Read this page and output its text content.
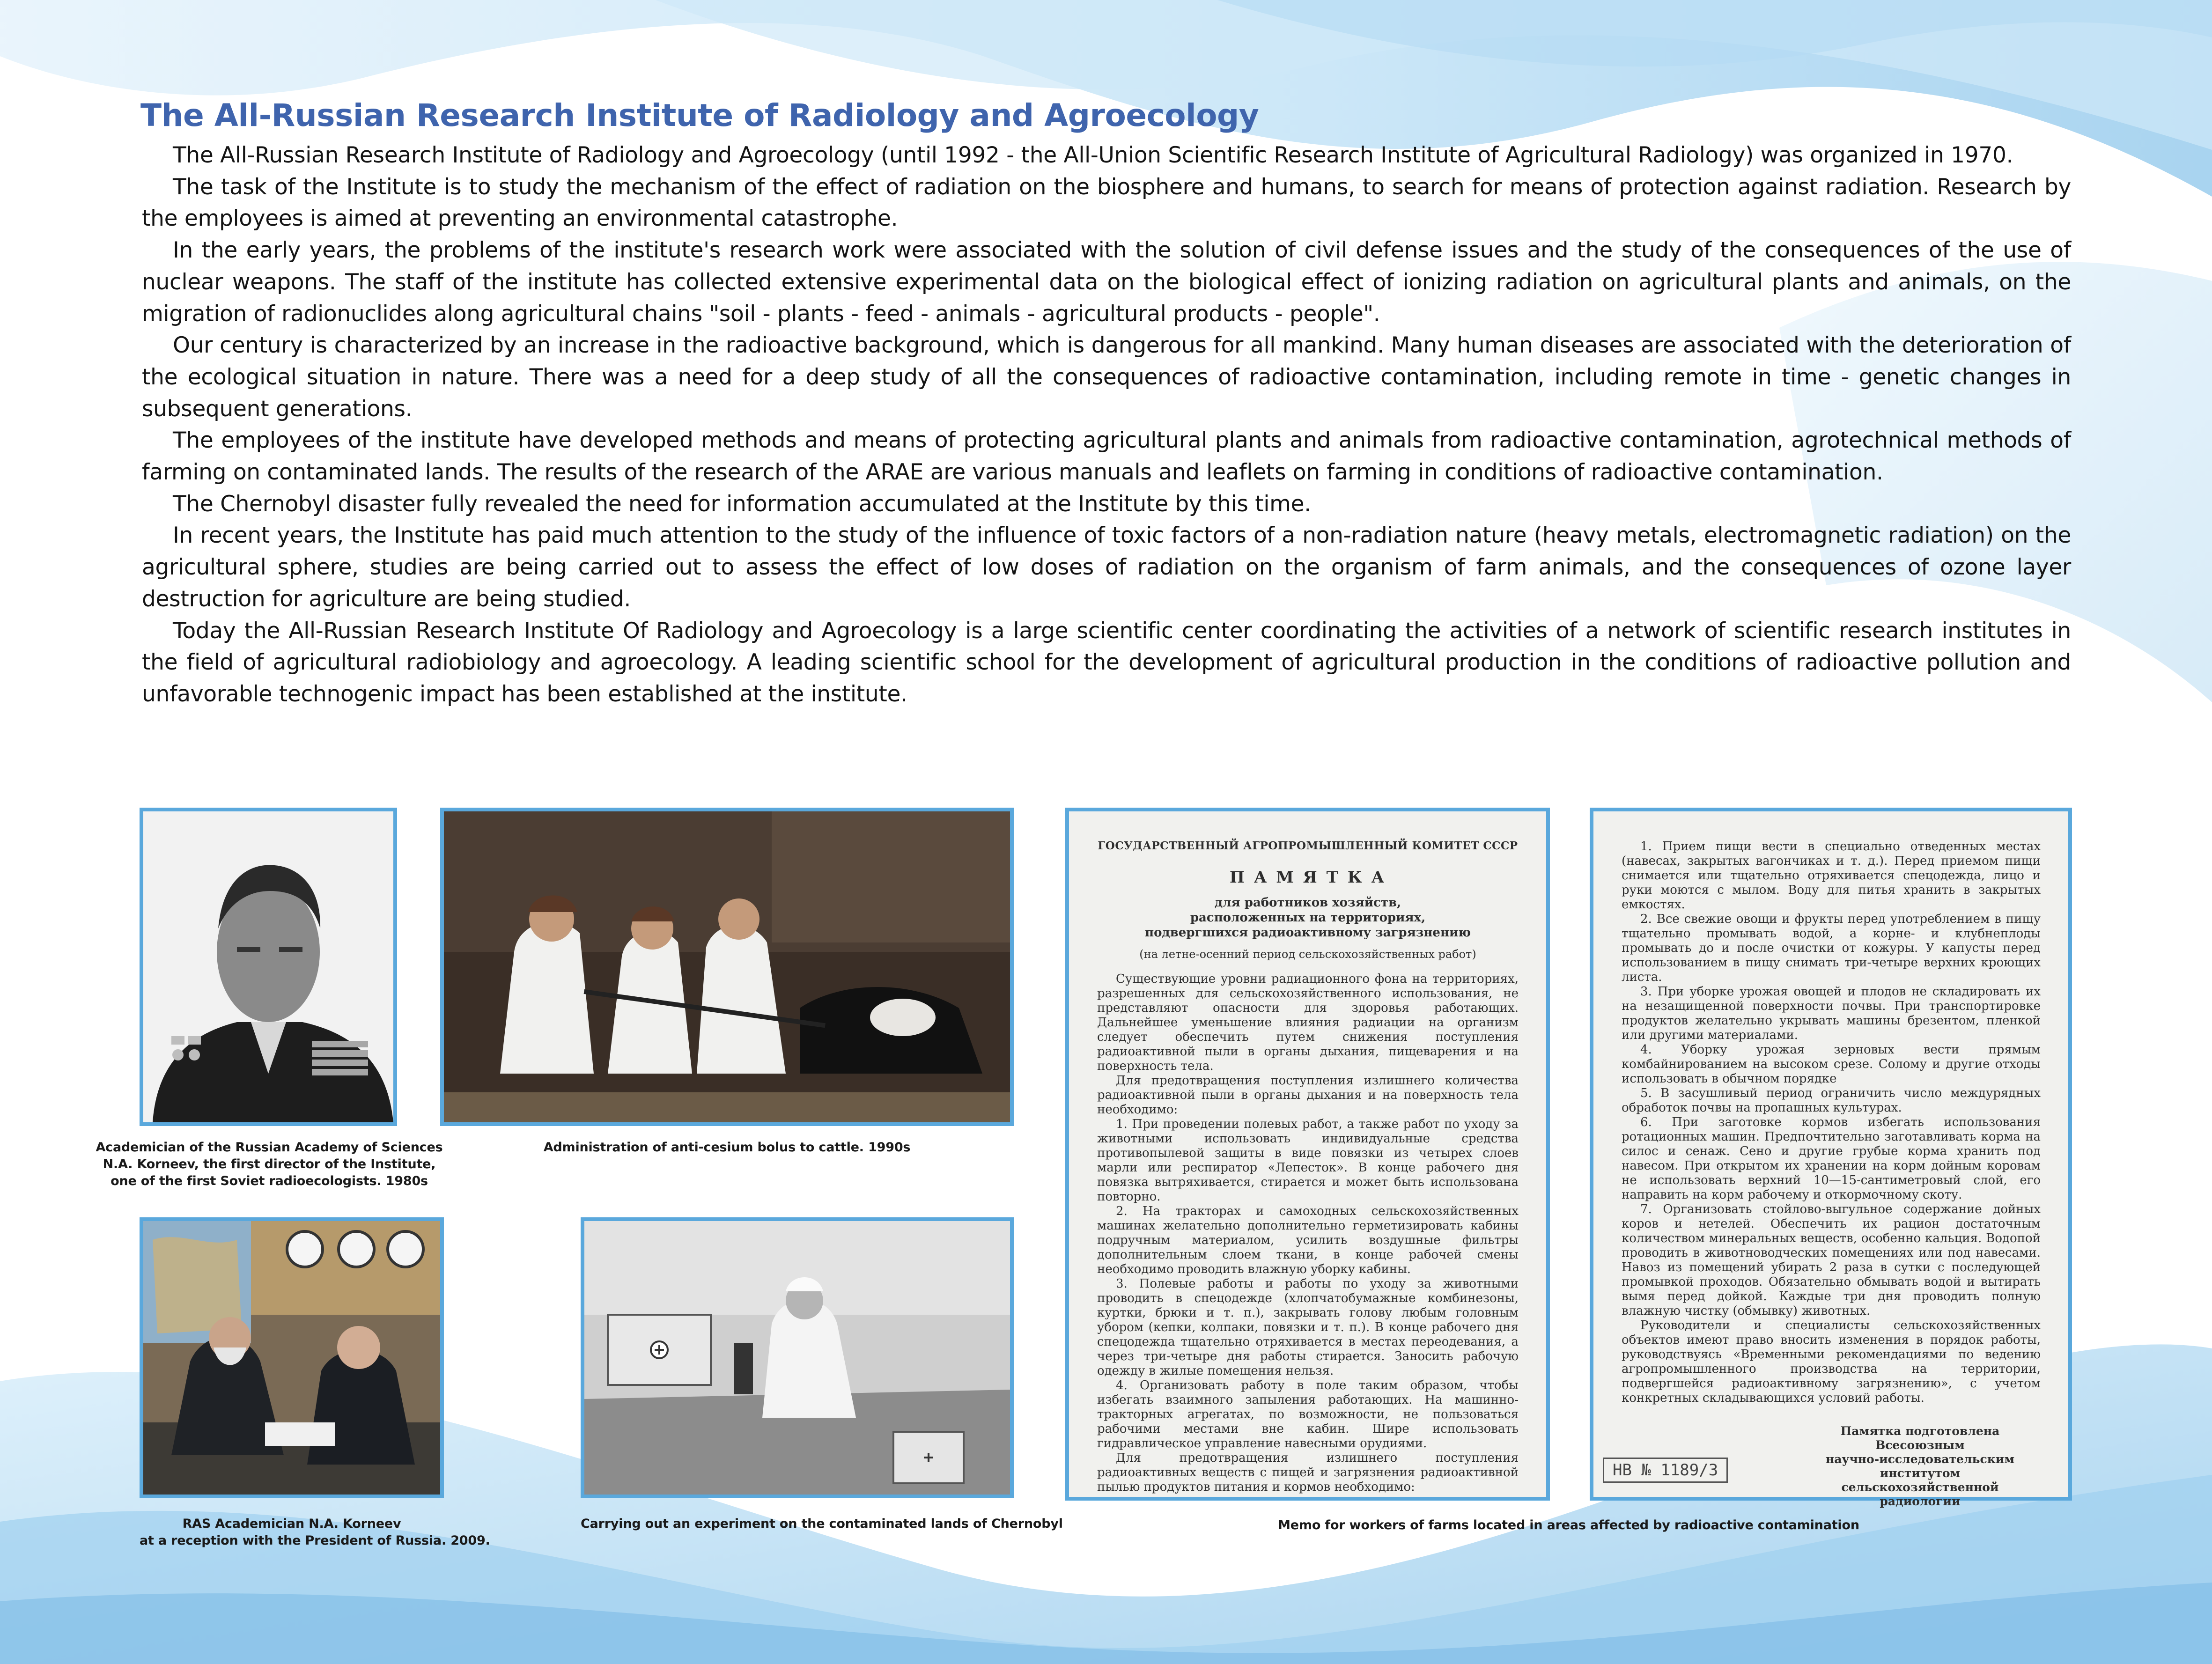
The All-Russian Research Institute of Radiology and Agroecology

The All-Russian Research Institute of Radiology and Agroecology (until 1992 - the All-Union Scientific Research Institute of Agricultural Radiology) was organized in 1970.

The task of the Institute is to study the mechanism of the effect of radiation on the biosphere and humans, to search for means of protection against radiation. Research by the employees is aimed at preventing an environmental catastrophe.

In the early years, the problems of the institute's research work were associated with the solution of civil defense issues and the study of the consequences of the use of nuclear weapons. The staff of the institute has collected extensive experimental data on the biological effect of ionizing radiation on agricultural plants and animals, on the migration of radionuclides along agricultural chains "soil - plants - feed - animals - agricultural products - people".

Our century is characterized by an increase in the radioactive background, which is dangerous for all mankind. Many human diseases are associated with the deterioration of the ecological situation in nature. There was a need for a deep study of all the consequences of radioactive contamination, including remote in time - genetic changes in subsequent generations.

The employees of the institute have developed methods and means of protecting agricultural plants and animals from radioactive contamination, agrotechnical methods of farming on contaminated lands. The results of the research of the ARAE are various manuals and leaflets on farming in conditions of radioactive contamination.

The Chernobyl disaster fully revealed the need for information accumulated at the Institute by this time.

In recent years, the Institute has paid much attention to the study of the influence of toxic factors of a non-radiation nature (heavy metals, electromagnetic radiation) on the agricultural sphere, studies are being carried out to assess the effect of low doses of radiation on the organism of farm animals, and the consequences of ozone layer destruction for agriculture are being studied.

Today the All-Russian Research Institute Of Radiology and Agroecology is a large scientific center coordinating the activities of a network of scientific research institutes in the field of agricultural radiobiology and agroecology. A leading scientific school for the development of agricultural production in the conditions of radioactive pollution and unfavorable technogenic impact has been established at the institute.

Academician of the Russian Academy of Sciences
N.A. Korneev, the first director of the Institute,
one of the first Soviet radioecologists. 1980s
Administration of anti-cesium bolus to cattle. 1990s
RAS Academician N.A. Korneev
at a reception with the President of Russia. 2009.
Carrying out an experiment on the contaminated lands of Chernobyl
ГОСУДАРСТВЕННЫЙ АГРОПРОМЫШЛЕННЫЙ КОМИТЕТ СССР
П А М Я Т К А
для работников хозяйств,
расположенных на территориях,
подвергшихся радиоактивному загрязнению
(на летне-осенний период сельскохозяйственных работ)

Существующие уровни радиационного фона на территориях, разрешенных для сельскохозяйственного использования, не представляют опасности для здоровья работающих. Дальнейшее уменьшение влияния радиации на организм следует обеспечить путем снижения поступления радиоактивной пыли в органы дыхания, пищеварения и на поверхность тела.

Для предотвращения поступления излишнего количества радиоактивной пыли в органы дыхания и на поверхность тела необходимо:

1. При проведении полевых работ, а также работ по уходу за животными использовать индивидуальные средства противопылевой защиты в виде повязки из четырех слоев марли или респиратор «Лепесток». В конце рабочего дня повязка вытряхивается, стирается и может быть использована повторно.

2. На тракторах и самоходных сельскохозяйственных машинах желательно дополнительно герметизировать кабины подручным материалом, усилить воздушные фильтры дополнительным слоем ткани, в конце рабочей смены необходимо проводить влажную уборку кабины.

3. Полевые работы и работы по уходу за животными проводить в спецодежде (хлопчатобумажные комбинезоны, куртки, брюки и т. п.), закрывать голову любым головным убором (кепки, колпаки, повязки и т. п.). В конце рабочего дня спецодежда тщательно отряхивается в местах переодевания, а через три-четыре дня работы стирается. Заносить рабочую одежду в жилые помещения нельзя.

4. Организовать работу в поле таким образом, чтобы избегать взаимного запыления работающих. На машинно-тракторных агрегатах, по возможности, не пользоваться рабочими местами вне кабин. Шире использовать гидравлическое управление навесными орудиями.

Для предотвращения излишнего поступления радиоактивных веществ с пищей и загрязнения радиоактивной пылью продуктов питания и кормов необходимо:

1. Прием пищи вести в специально отведенных местах (навесах, закрытых вагончиках и т. д.). Перед приемом пищи снимается или тщательно отряхивается спецодежда, лицо и руки моются с мылом. Воду для питья хранить в закрытых емкостях.

2. Все свежие овощи и фрукты перед употреблением в пищу тщательно промывать водой, а корне- и клубнеплоды промывать до и после очистки от кожуры. У капусты перед использованием в пищу снимать три-четыре верхних кроющих листа.

3. При уборке урожая овощей и плодов не складировать их на незащищенной поверхности почвы. При транспортировке продуктов желательно укрывать машины брезентом, пленкой или другими материалами.

4. Уборку урожая зерновых вести прямым комбайнированием на высоком срезе. Солому и другие отходы использовать в обычном порядке

5. В засушливый период ограничить число междурядных обработок почвы на пропашных культурах.

6. При заготовке кормов избегать использования ротационных машин. Предпочтительно заготавливать корма на силос и сенаж. Сено и другие грубые корма хранить под навесом. При открытом их хранении на корм дойным коровам не использовать верхний 10—15-сантиметровый слой, его направить на корм рабочему и откормочному скоту.

7. Организовать стойлово-выгульное содержание дойных коров и нетелей. Обеспечить их рацион достаточным количеством минеральных веществ, особенно кальция. Водопой проводить в животноводческих помещениях или под навесами. Навоз из помещений убирать 2 раза в сутки с последующей промывкой проходов. Обязательно обмывать водой и вытирать вымя перед дойкой. Каждые три дня проводить полную влажную чистку (обмывку) животных.

Руководители и специалисты сельскохозяйственных объектов имеют право вносить изменения в порядок работы, руководствуясь «Временными рекомендациями по ведению агропромышленного производства на территории, подвергшейся радиоактивному загрязнению», с учетом конкретных складывающихся условий работы.

Памятка подготовлена Всесоюзным
научно-исследовательским институтом
сельскохозяйственной радиологии
НВ № 1189/3
Memo for workers of farms located in areas affected by radioactive contamination
